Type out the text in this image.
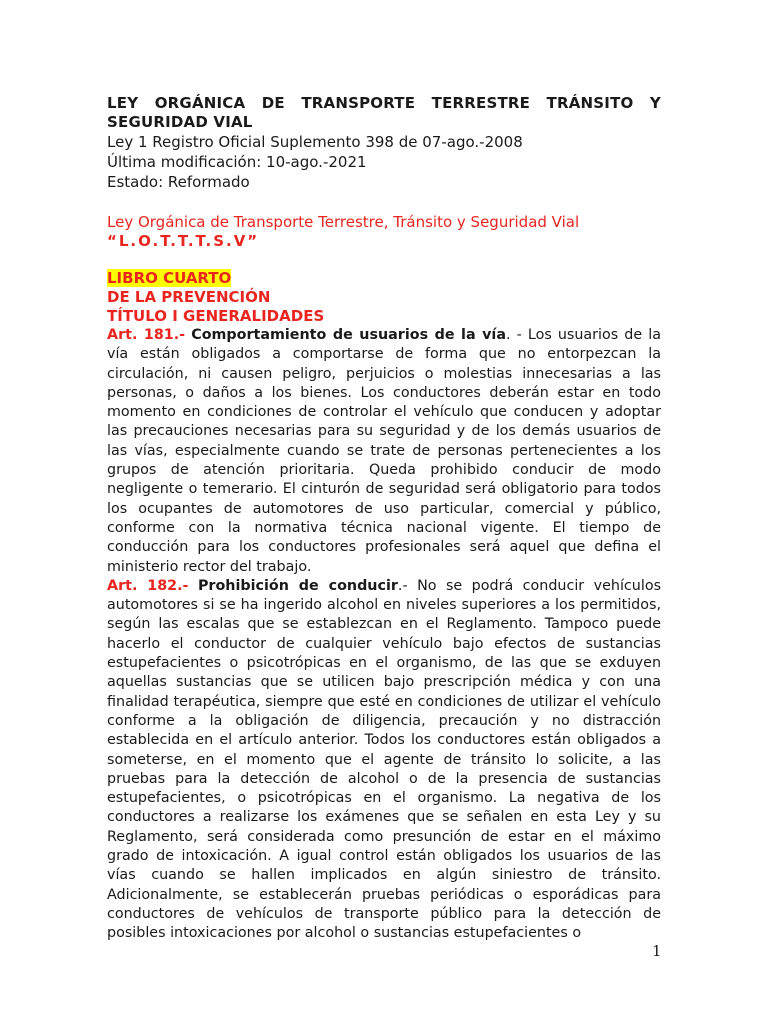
LEY ORGÁNICA DE TRANSPORTE TERRESTRE TRÁNSITO Y SEGURIDAD VIAL

Ley 1 Registro Oficial Suplemento 398 de 07-ago.-2008

Última modificación: 10-ago.-2021

Estado: Reformado

Ley Orgánica de Transporte Terrestre, Tránsito y Seguridad Vial

“L.O.T.T.T.S.V”

LIBRO CUARTO

DE LA PREVENCIÓN

TÍTULO I GENERALIDADES

Art. 181.- Comportamiento de usuarios de la vía. - Los usuarios de la vía están obligados a comportarse de forma que no entorpezcan la circulación, ni causen peligro, perjuicios o molestias innecesarias a las personas, o daños a los bienes. Los conductores deberán estar en todo momento en condiciones de controlar el vehículo que conducen y adoptar las precauciones necesarias para su seguridad y de los demás usuarios de las vías, especialmente cuando se trate de personas pertenecientes a los grupos de atención prioritaria. Queda prohibido conducir de modo negligente o temerario. El cinturón de seguridad será obligatorio para todos los ocupantes de automotores de uso particular, comercial y público, conforme con la normativa técnica nacional vigente. El tiempo de conducción para los conductores profesionales será aquel que defina el ministerio rector del trabajo.

Art. 182.- Prohibición de conducir.- No se podrá conducir vehículos automotores si se ha ingerido alcohol en niveles superiores a los permitidos, según las escalas que se establezcan en el Reglamento. Tampoco puede hacerlo el conductor de cualquier vehículo bajo efectos de sustancias estupefacientes o psicotrópicas en el organismo, de las que se exduyen aquellas sustancias que se utilicen bajo prescripción médica y con una finalidad terapéutica, siempre que esté en condiciones de utilizar el vehículo conforme a la obligación de diligencia, precaución y no distracción establecida en el artículo anterior. Todos los conductores están obligados a someterse, en el momento que el agente de tránsito lo solicite, a las pruebas para la detección de alcohol o de la presencia de sustancias estupefacientes, o psicotrópicas en el organismo. La negativa de los conductores a realizarse los exámenes que se señalen en esta Ley y su Reglamento, será considerada como presunción de estar en el máximo grado de intoxicación. A igual control están obligados los usuarios de las vías cuando se hallen implicados en algún siniestro de tránsito. Adicionalmente, se establecerán pruebas periódicas o esporádicas para conductores de vehículos de transporte público para la detección de posibles intoxicaciones por alcohol o sustancias estupefacientes o

1
